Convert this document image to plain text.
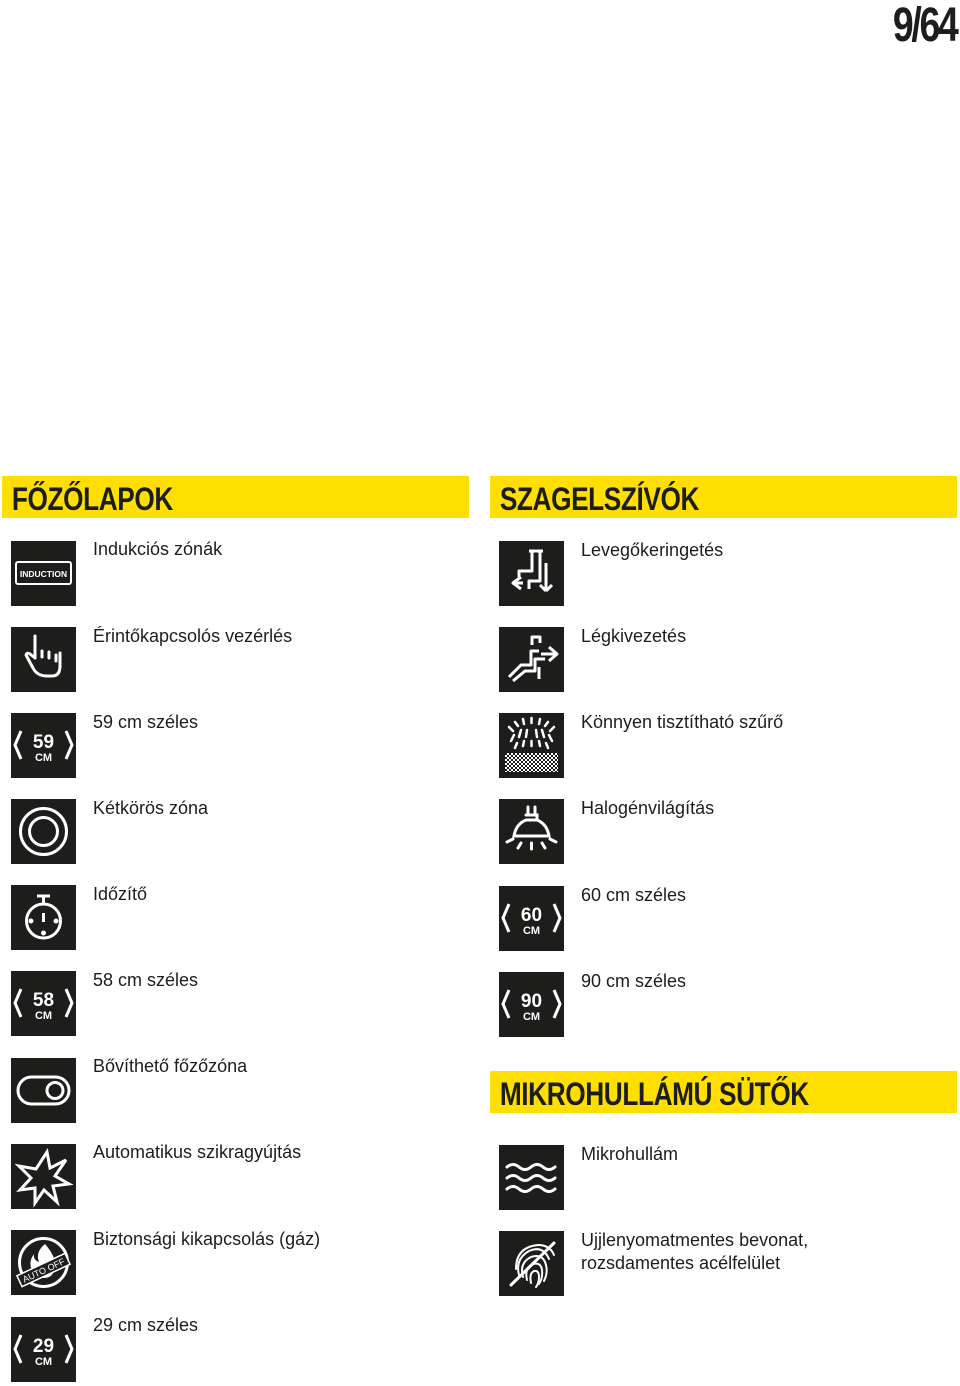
9/64
FŐZŐLAPOK	SZAGELSZÍVÓK
MIKROHULLÁMÚ SÜTŐK
INDUCTION
Indukciós zónák
Érintőkapcsolós vezérlés
59
CM
59 cm széles
Kétkörös zóna
Időzítő
58
CM
58 cm széles
Bővíthető főzőzóna
Automatikus szikragyújtás
AUTO OFF
Biztonsági kikapcsolás (gáz)
29
CM
29 cm széles
Levegőkeringetés
Légkivezetés
Könnyen tisztítható szűrő
Halogénvilágítás
60
CM
60 cm széles
90
CM
90 cm széles
Mikrohullám
Ujjlenyomatmentes bevonat,
rozsdamentes acélfelület
